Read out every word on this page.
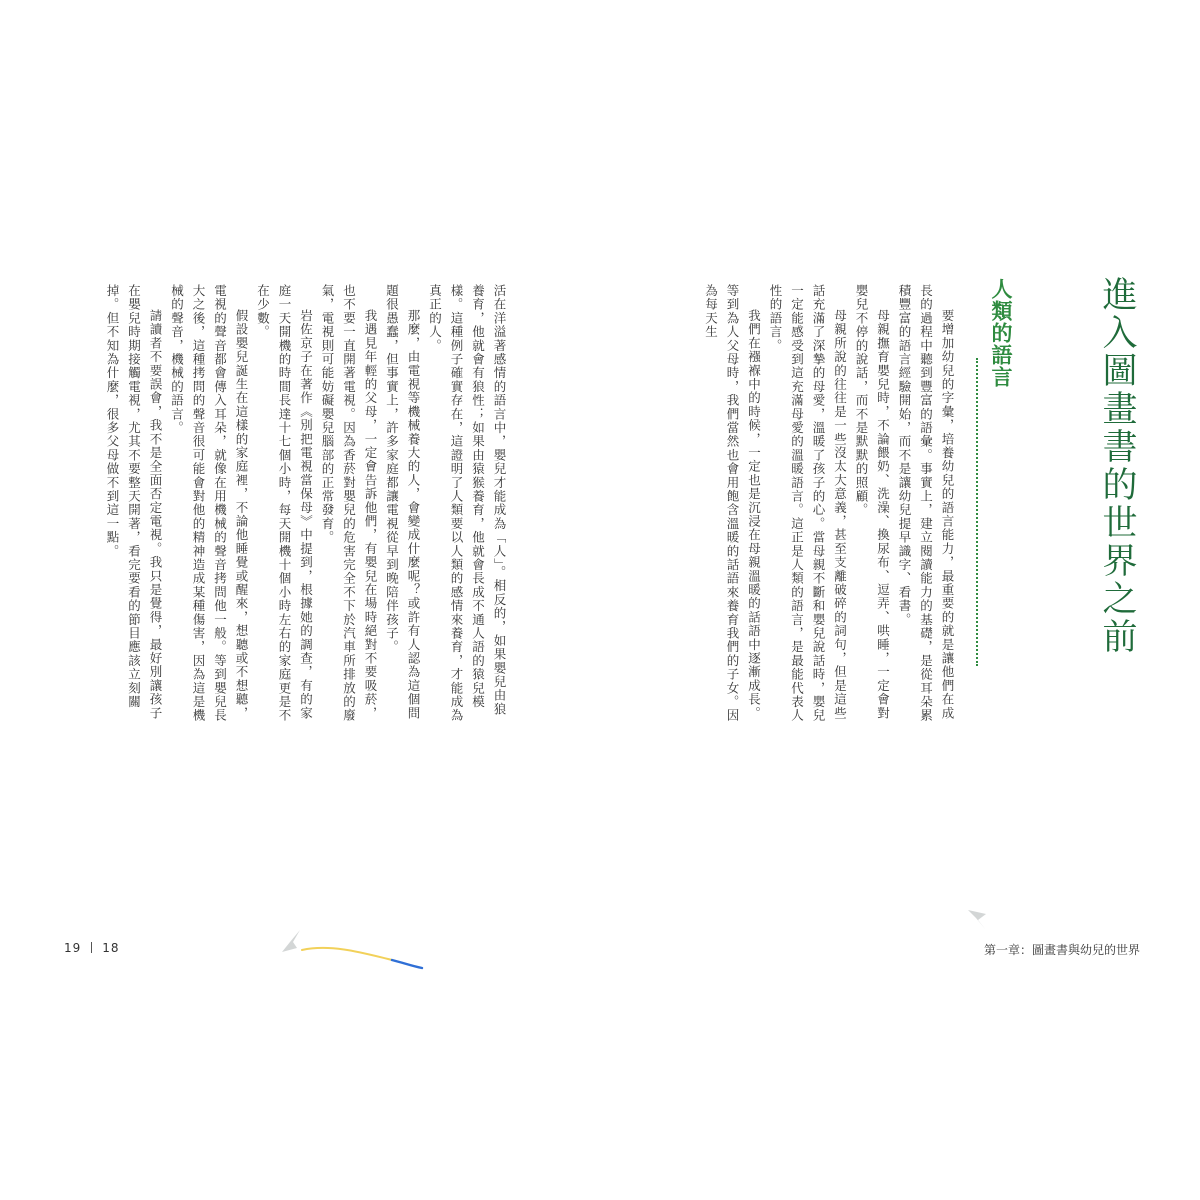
進入圖畫書的世界之前
人類的語言

要增加幼兒的字彙，培養幼兒的語言能力，最重要的就是讓他們在成長的過程中聽到豐富的語彙。事實上，建立閱讀能力的基礎，是從耳朵累積豐富的語言經驗開始，而不是讓幼兒提早識字、看書。

母親撫育嬰兒時，不論餵奶、洗澡、換尿布、逗弄、哄睡，一定會對嬰兒不停的說話，而不是默默的照顧。

母親所說的往往是一些沒太大意義，甚至支離破碎的詞句，但是這些話充滿了深摯的母愛，溫暖了孩子的心。當母親不斷和嬰兒說話時，嬰兒一定能感受到這充滿母愛的溫暖語言。這正是人類的語言，是最能代表人性的語言。

我們在襁褓中的時候，一定也是沉浸在母親溫暖的話語中逐漸成長。等到為人父母時，我們當然也會用飽含溫暖的話語來養育我們的子女。因為每天生

活在洋溢著感情的語言中，嬰兒才能成為「人」。相反的，如果嬰兒由狼養育，他就會有狼性；如果由猿猴養育，他就會長成不通人語的猿兒模樣。這種例子確實存在，這證明了人類要以人類的感情來養育，才能成為真正的人。

那麼，由電視等機械養大的人，會變成什麼呢？或許有人認為這個問題很愚蠢，但事實上，許多家庭都讓電視從早到晚陪伴孩子。

我遇見年輕的父母，一定會告訴他們，有嬰兒在場時絕對不要吸菸，也不要一直開著電視。因為香菸對嬰兒的危害完全不下於汽車所排放的廢氣，電視則可能妨礙嬰兒腦部的正常發育。

岩佐京子在著作《別把電視當保母》中提到，根據她的調查，有的家庭一天開機的時間長達十七個小時，每天開機十個小時左右的家庭更是不在少數。

假設嬰兒誕生在這樣的家庭裡，不論他睡覺或醒來，想聽或不想聽，電視的聲音都會傳入耳朵，就像在用機械的聲音拷問他一般。等到嬰兒長大之後，這種拷問的聲音很可能會對他的精神造成某種傷害，因為這是機械的聲音，機械的語言。

請讀者不要誤會，我不是全面否定電視。我只是覺得，最好別讓孩子在嬰兒時期接觸電視，尤其不要整天開著，看完要看的節目應該立刻關掉。但不知為什麼，很多父母做不到這一點。

19 18	第一章：圖畫書與幼兒的世界
